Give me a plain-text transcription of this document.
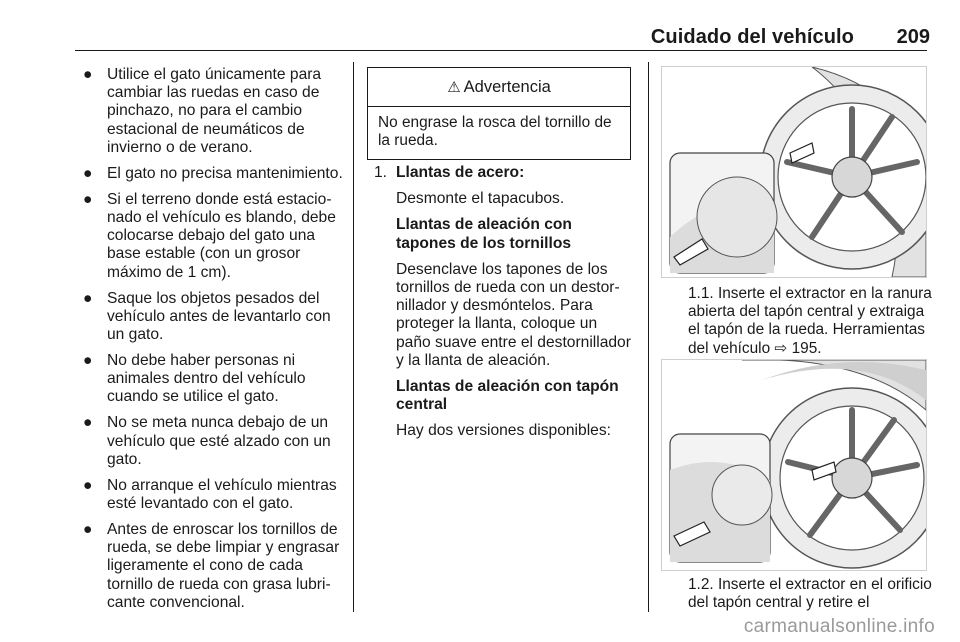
Cuidado del vehículo	209
● Utilice el gato únicamente para cambiar las ruedas en caso de pinchazo, no para el cambio estacional de neumáticos de invierno o de verano.
● El gato no precisa mantenimiento.
● Si el terreno donde está estacionado el vehículo es blando, debe colocarse debajo del gato una base estable (con un grosor máximo de 1 cm).
● Saque los objetos pesados del vehículo antes de levantarlo con un gato.
● No debe haber personas ni animales dentro del vehículo cuando se utilice el gato.
● No se meta nunca debajo de un vehículo que esté alzado con un gato.
● No arranque el vehículo mientras esté levantado con el gato.
● Antes de enroscar los tornillos de rueda, se debe limpiar y engrasar ligeramente el cono de cada tornillo de rueda con grasa lubricante convencional.
⚠ Advertencia
No engrase la rosca del tornillo de la rueda.
1. Llantas de acero:

Desmonte el tapacubos.

Llantas de aleación con tapones de los tornillos

Desenclave los tapones de los tornillos de rueda con un destornillador y desmóntelos. Para proteger la llanta, coloque un paño suave entre el destornillador y la llanta de aleación.

Llantas de aleación con tapón central

Hay dos versiones disponibles:

1.1. Inserte el extractor en la ranura abierta del tapón central y extraiga el tapón de la rueda. Herramientas del vehículo ⇨ 195.
1.2. Inserte el extractor en el orificio del tapón central y retire el
carmanualsonline.info
